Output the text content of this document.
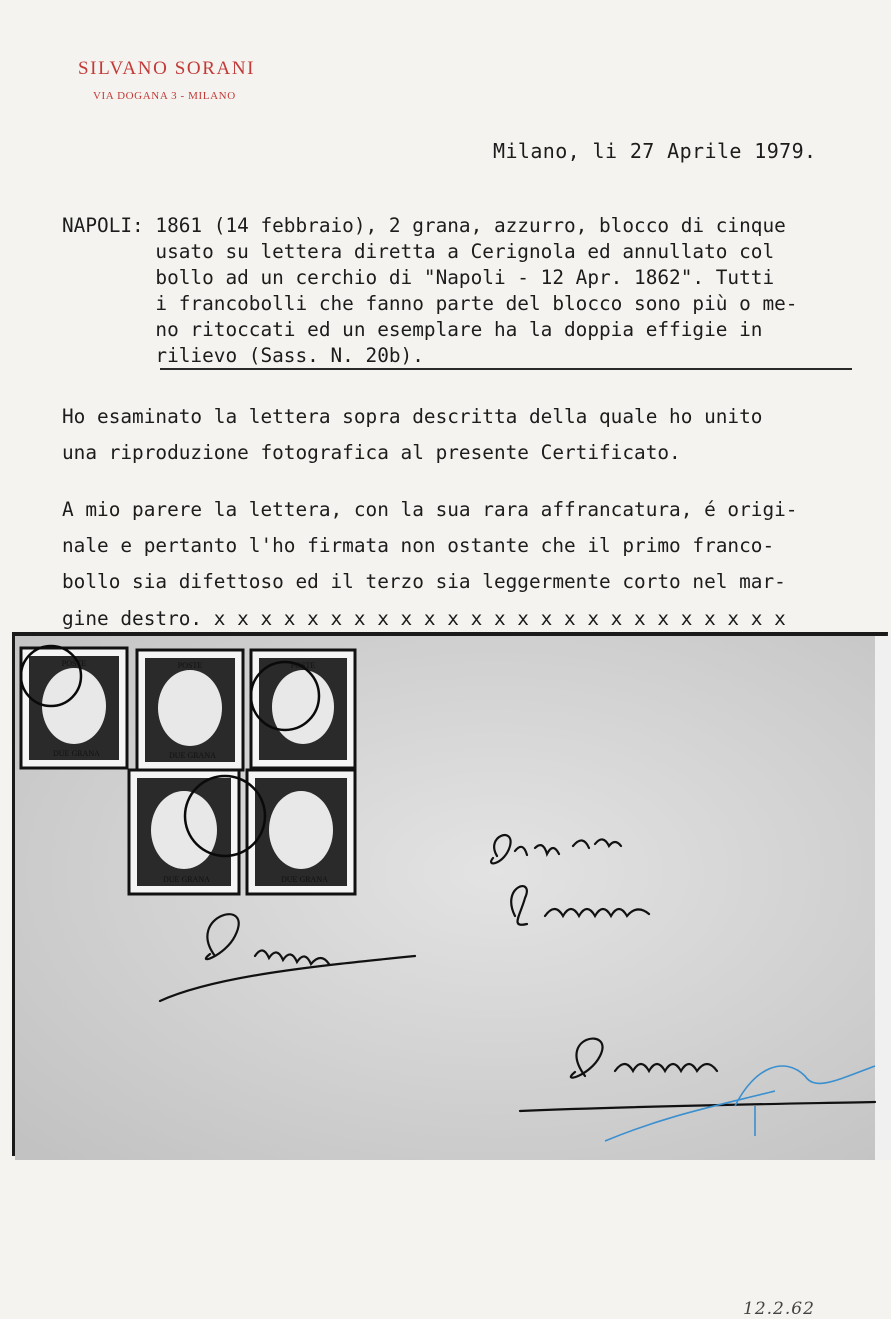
SILVANO SORANI
VIA DOGANA 3 - MILANO
Milano, li 27 Aprile 1979.
NAPOLI: 1861 (14 febbraio), 2 grana, azzurro, blocco di cinque
usato su lettera diretta a Cerignola ed annullato col
bollo ad un cerchio di "Napoli - 12 Apr. 1862". Tutti
i francobolli che fanno parte del blocco sono più o me-
no ritoccati ed un esemplare ha la doppia effigie in
rilievo (Sass. N. 20b).
Ho esaminato la lettera sopra descritta della quale ho unito
una riproduzione fotografica al presente Certificato.
A mio parere la lettera, con la sua rara affrancatura, é origi-
nale e pertanto l'ho firmata non ostante che il primo franco-
bollo sia difettoso ed il terzo sia leggermente corto nel mar-
gine destro. x x x x x x x x x x x x x x x x x x x x x x x x x
POSTE
DUE GRANA
POSTE
DUE GRANA
POSTE
DUE GRANA	DUE GRANA
12.2.62
